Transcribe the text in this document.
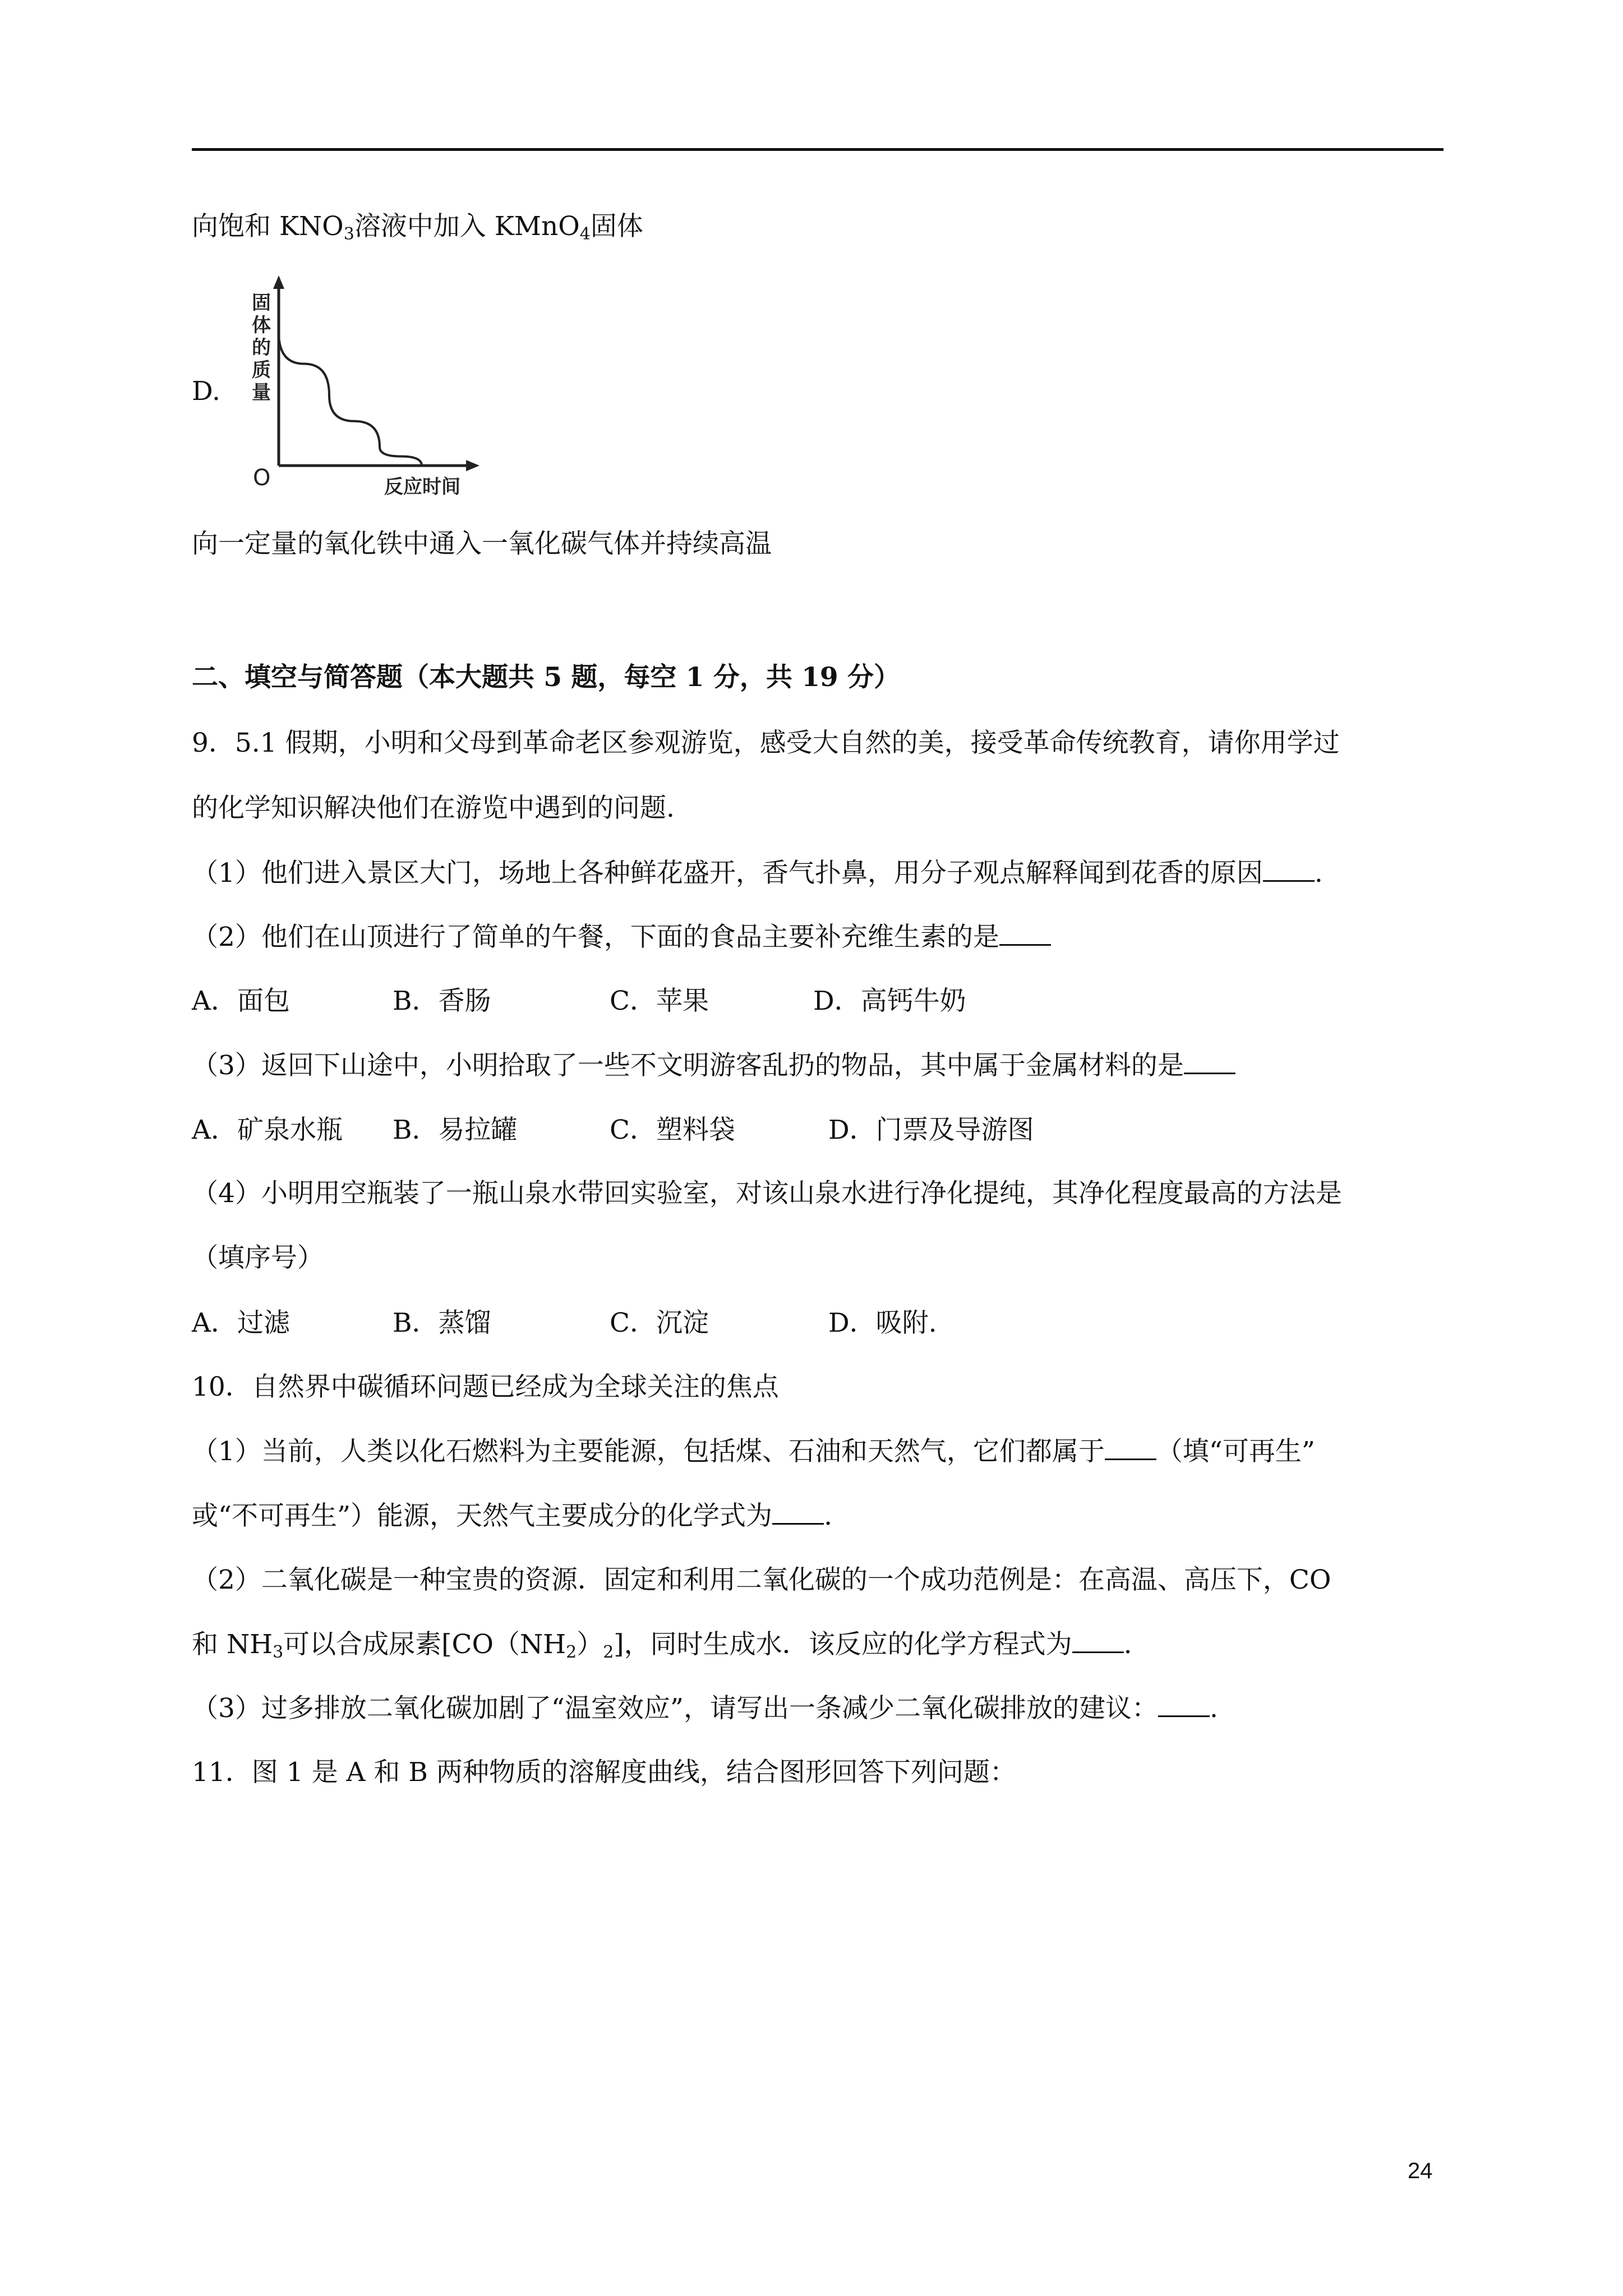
向饱和 $KNO_3$溶液中加入 KMnO$_4$固体
D.
固
体
的
质
量
O	反应时间
向一定量的氧化铁中通入一氧化碳气体并持续高温
二、填空与简答题（本大题共 5 题，每空 1 分，共 19 分）
9．5.1 假期，小明和父母到革命老区参观游览，感受大自然的美，接受革命传统教育，请你用学过
的化学知识解决他们在游览中遇到的问题.
（1）他们进入景区大门，场地上各种鲜花盛开，香气扑鼻，用分子观点解释闻到花香的原因 .
（2）他们在山顶进行了简单的午餐，下面的食品主要补充维生素的是
A．面包	B．香肠	C．苹果	D．高钙牛奶
（3）返回下山途中，小明拾取了一些不文明游客乱扔的物品，其中属于金属材料的是
A．矿泉水瓶 B．易拉罐	C．塑料袋	D．门票及导游图
（4）小明用空瓶装了一瓶山泉水带回实验室，对该山泉水进行净化提纯，其净化程度最高的方法是
（填序号）
A．过滤	B．蒸馏	C．沉淀	D．吸附.
10．自然界中碳循环问题已经成为全球关注的焦点
（1）当前，人类以化石燃料为主要能源，包括煤、石油和天然气，它们都属于 （填“可再生”
或“不可再生”）能源，天然气主要成分的化学式为 .
（2）二氧化碳是一种宝贵的资源．固定和利用二氧化碳的一个成功范例是：在高温、高压下，CO
和 $NH_3$可以合成尿素$[CO(NH_2)_2]$，同时生成水．该反应的化学方程式为 .
（3）过多排放二氧化碳加剧了“温室效应”，请写出一条减少二氧化碳排放的建议： .
11．图 1 是 A 和 B 两种物质的溶解度曲线，结合图形回答下列问题：
24
